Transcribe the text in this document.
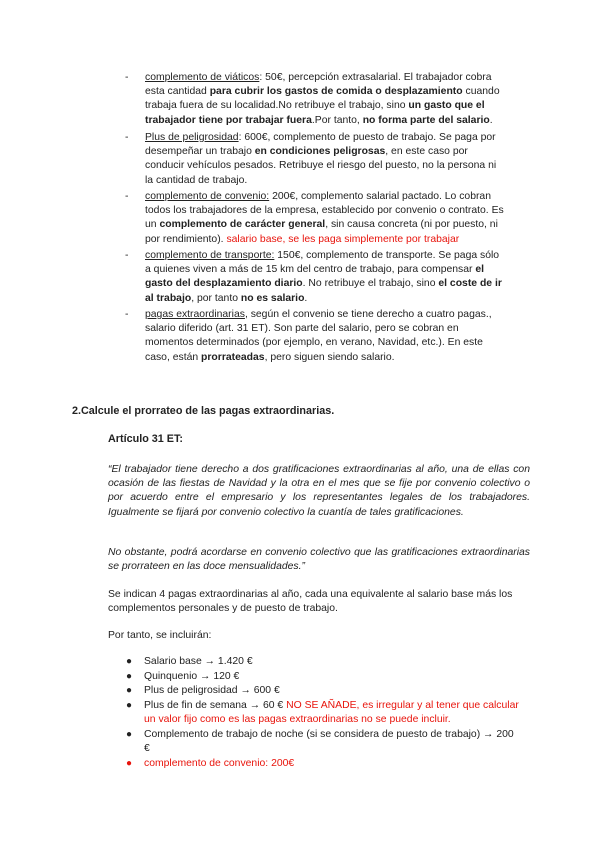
- complemento de viáticos: 50€, percepción extrasalarial. El trabajador cobra esta cantidad para cubrir los gastos de comida o desplazamiento cuando trabaja fuera de su localidad.No retribuye el trabajo, sino un gasto que el trabajador tiene por trabajar fuera.Por tanto, no forma parte del salario.
- Plus de peligrosidad: 600€, complemento de puesto de trabajo. Se paga por desempeñar un trabajo en condiciones peligrosas, en este caso por conducir vehículos pesados. Retribuye el riesgo del puesto, no la persona ni la cantidad de trabajo.
- complemento de convenio: 200€, complemento salarial pactado. Lo cobran todos los trabajadores de la empresa, establecido por convenio o contrato. Es un complemento de carácter general, sin causa concreta (ni por puesto, ni por rendimiento). salario base, se les paga simplemente por trabajar
- complemento de transporte: 150€, complemento de transporte. Se paga sólo a quienes viven a más de 15 km del centro de trabajo, para compensar el gasto del desplazamiento diario. No retribuye el trabajo, sino el coste de ir al trabajo, por tanto no es salario.
- pagas extraordinarias, según el convenio se tiene derecho a cuatro pagas., salario diferido (art. 31 ET). Son parte del salario, pero se cobran en momentos determinados (por ejemplo, en verano, Navidad, etc.). En este caso, están prorrateadas, pero siguen siendo salario.
2.Calcule el prorrateo de las pagas extraordinarias.
Artículo 31 ET:
“El trabajador tiene derecho a dos gratificaciones extraordinarias al año, una de ellas con ocasión de las fiestas de Navidad y la otra en el mes que se fije por convenio colectivo o por acuerdo entre el empresario y los representantes legales de los trabajadores. Igualmente se fijará por convenio colectivo la cuantía de tales gratificaciones.
No obstante, podrá acordarse en convenio colectivo que las gratificaciones extraordinarias se prorrateen en las doce mensualidades.”
Se indican 4 pagas extraordinarias al año, cada una equivalente al salario base más los complementos personales y de puesto de trabajo.
Por tanto, se incluirán:
● Salario base → 1.420 €
● Quinquenio → 120 €
● Plus de peligrosidad → 600 €
● Plus de fin de semana → 60 € NO SE AÑADE, es irregular y al tener que calcular un valor fijo como es las pagas extraordinarias no se puede incluir.
● Complemento de trabajo de noche (si se considera de puesto de trabajo) → 200 €
● complemento de convenio: 200€
